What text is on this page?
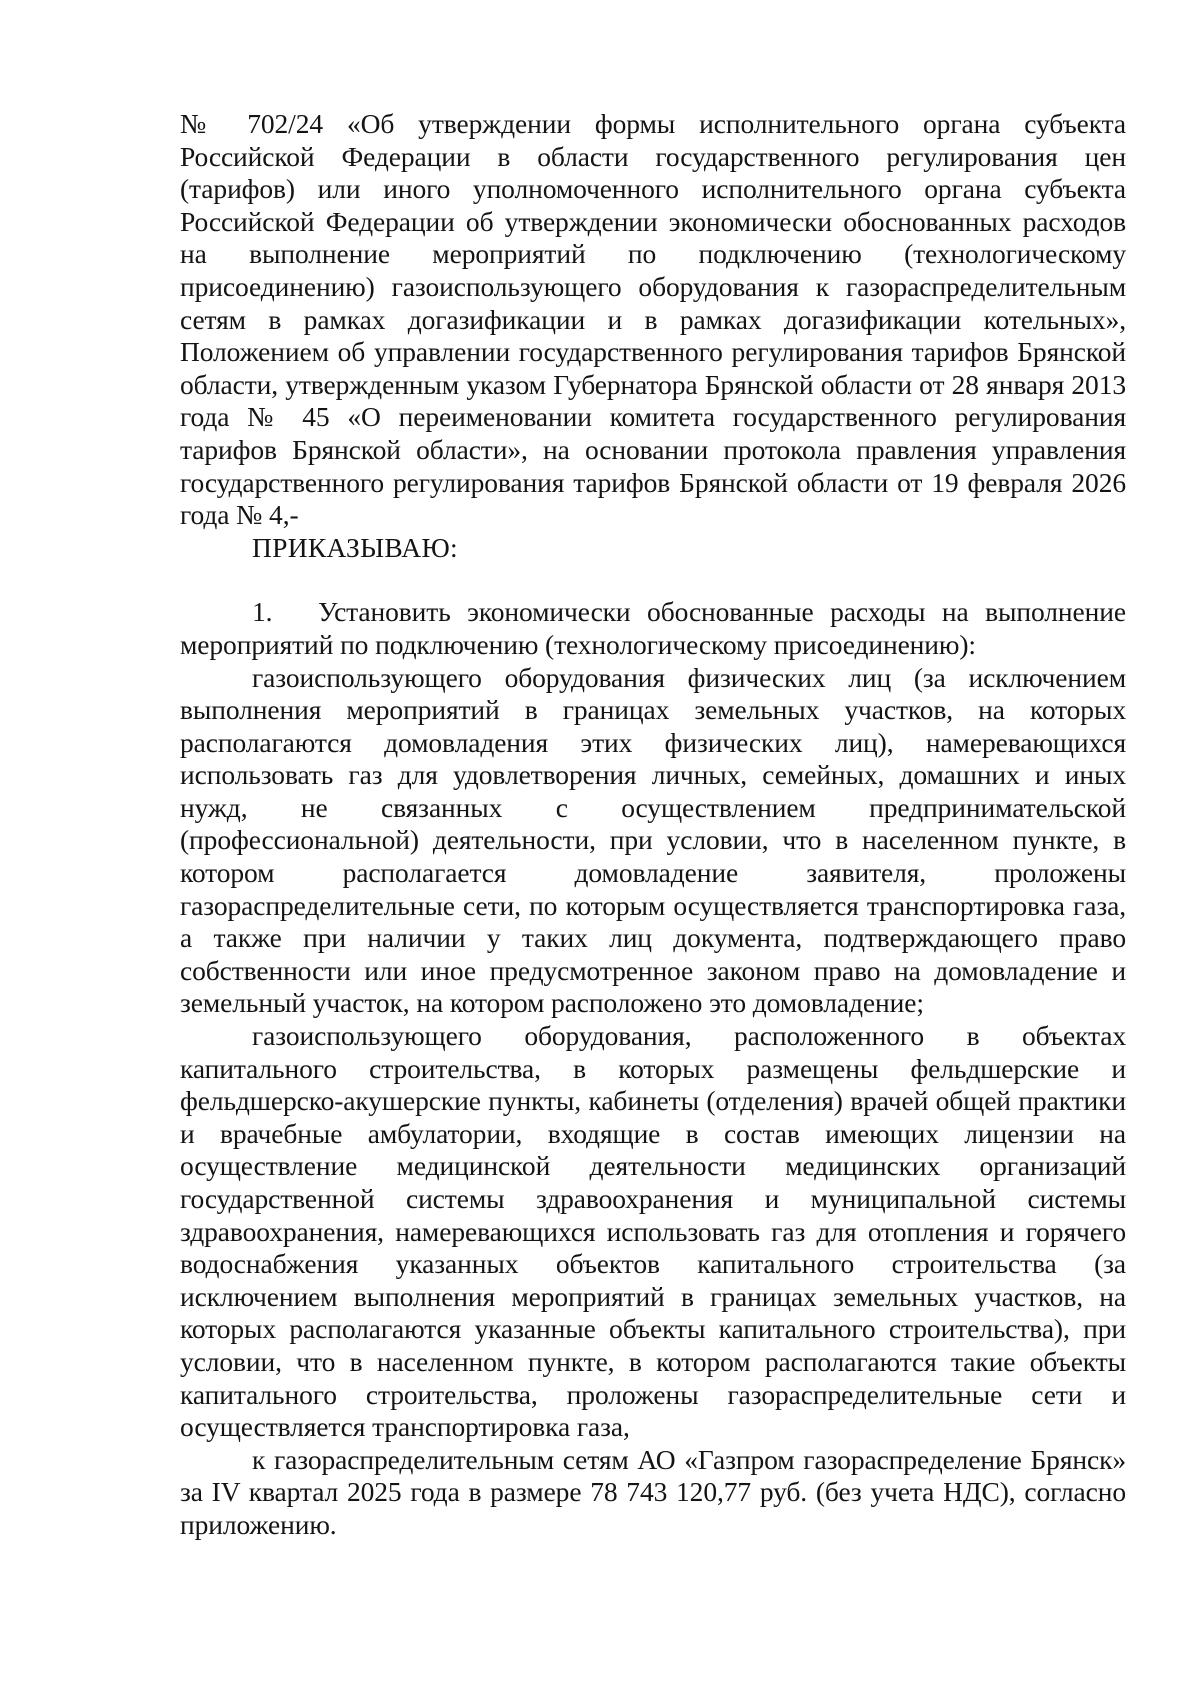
№ 702/24 «Об утверждении формы исполнительного органа субъекта Российской Федерации в области государственного регулирования цен (тарифов) или иного уполномоченного исполнительного органа субъекта Российской Федерации об утверждении экономически обоснованных расходов на выполнение мероприятий по подключению (технологическому присоединению) газоиспользующего оборудования к газораспределительным сетям в рамках догазификации и в рамках догазификации котельных», Положением об управлении государственного регулирования тарифов Брянской области, утвержденным указом Губернатора Брянской области от 28 января 2013 года № 45 «О переименовании комитета государственного регулирования тарифов Брянской области», на основании протокола правления управления государственного регулирования тарифов Брянской области от 19 февраля 2026 года № 4,-

ПРИКАЗЫВАЮ:

1. Установить экономически обоснованные расходы на выполнение мероприятий по подключению (технологическому присоединению):

газоиспользующего оборудования физических лиц (за исключением выполнения мероприятий в границах земельных участков, на которых располагаются домовладения этих физических лиц), намеревающихся использовать газ для удовлетворения личных, семейных, домашних и иных нужд, не связанных с осуществлением предпринимательской (профессиональной) деятельности, при условии, что в населенном пункте, в котором располагается домовладение заявителя, проложены газораспределительные сети, по которым осуществляется транспортировка газа, а также при наличии у таких лиц документа, подтверждающего право собственности или иное предусмотренное законом право на домовладение и земельный участок, на котором расположено это домовладение;

газоиспользующего оборудования, расположенного в объектах капитального строительства, в которых размещены фельдшерские и фельдшерско-акушерские пункты, кабинеты (отделения) врачей общей практики и врачебные амбулатории, входящие в состав имеющих лицензии на осуществление медицинской деятельности медицинских организаций государственной системы здравоохранения и муниципальной системы здравоохранения, намеревающихся использовать газ для отопления и горячего водоснабжения указанных объектов капитального строительства (за исключением выполнения мероприятий в границах земельных участков, на которых располагаются указанные объекты капитального строительства), при условии, что в населенном пункте, в котором располагаются такие объекты капитального строительства, проложены газораспределительные сети и осуществляется транспортировка газа,

к газораспределительным сетям АО «Газпром газораспределение Брянск» за IV квартал 2025 года в размере 78 743 120,77 руб. (без учета НДС), согласно приложению.
